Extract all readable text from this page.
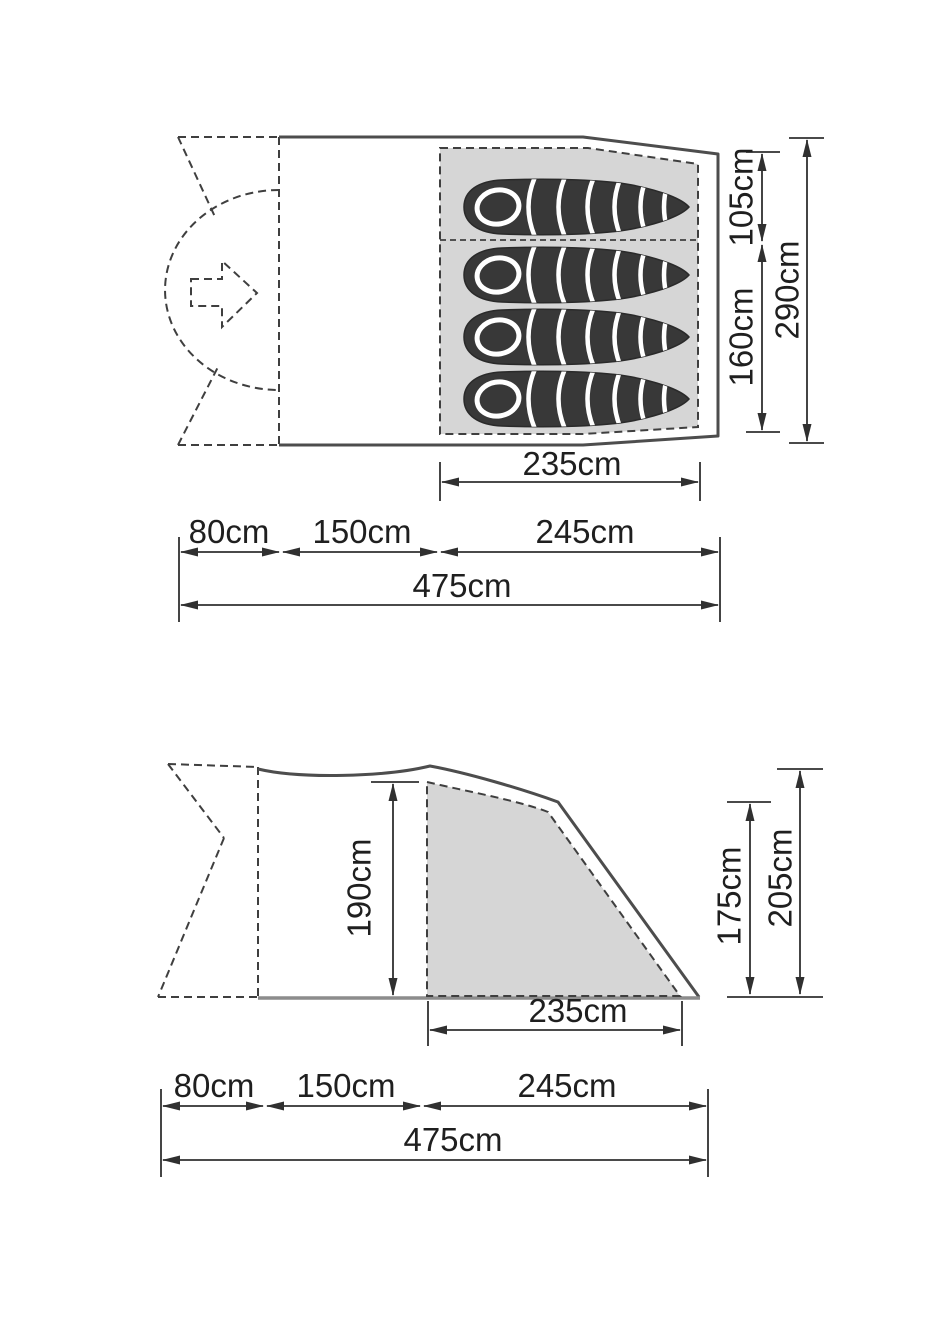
105cm
160cm 290cm
235cm
80cm 150cm	245cm
475cm
190cm	175cm 205cm
235cm
80cm 150cm	245cm
475cm
